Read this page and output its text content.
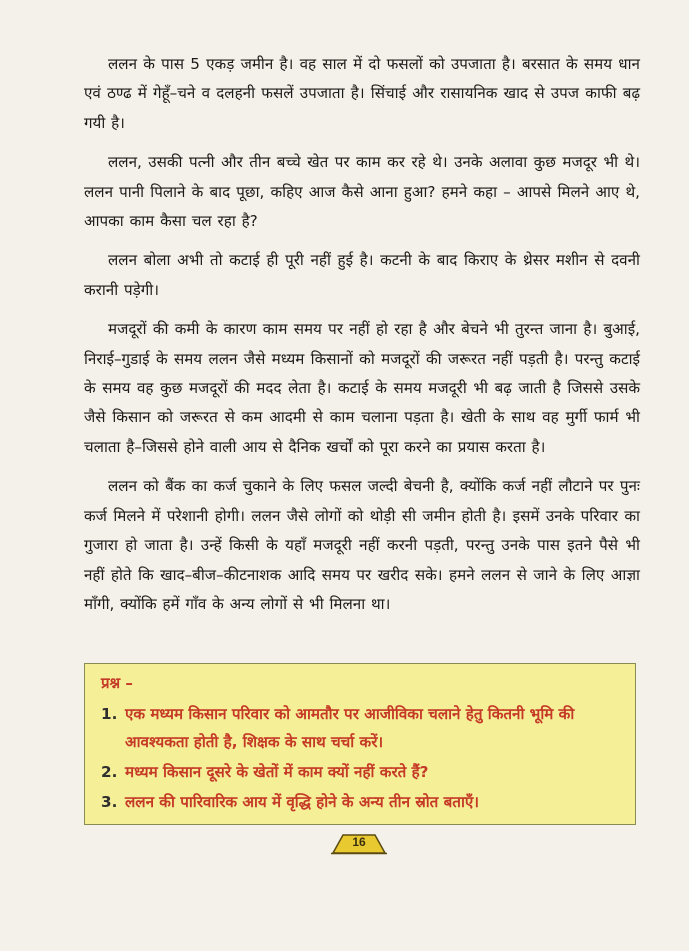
ललन के पास 5 एकड़ जमीन है। वह साल में दो फसलों को उपजाता है। बरसात के समय धान एवं ठण्ढ में गेहूँ–चने व दलहनी फसलें उपजाता है। सिंचाई और रासायनिक खाद से उपज काफी बढ़ गयी है।

ललन, उसकी पत्नी और तीन बच्चे खेत पर काम कर रहे थे। उनके अलावा कुछ मजदूर भी थे। ललन पानी पिलाने के बाद पूछा, कहिए आज कैसे आना हुआ? हमने कहा – आपसे मिलने आए थे, आपका काम कैसा चल रहा है?

ललन बोला अभी तो कटाई ही पूरी नहीं हुई है। कटनी के बाद किराए के थ्रेसर मशीन से दवनी करानी पड़ेगी।

मजदूरों की कमी के कारण काम समय पर नहीं हो रहा है और बेचने भी तुरन्त जाना है। बुआई, निराई–गुडाई के समय ललन जैसे मध्यम किसानों को मजदूरों की जरूरत नहीं पड़ती है। परन्तु कटाई के समय वह कुछ मजदूरों की मदद लेता है। कटाई के समय मजदूरी भी बढ़ जाती है जिससे उसके जैसे किसान को जरूरत से कम आदमी से काम चलाना पड़ता है। खेती के साथ वह मुर्गी फार्म भी चलाता है–जिससे होने वाली आय से दैनिक खर्चों को पूरा करने का प्रयास करता है।

ललन को बैंक का कर्ज चुकाने के लिए फसल जल्दी बेचनी है, क्योंकि कर्ज नहीं लौटाने पर पुनः कर्ज मिलने में परेशानी होगी। ललन जैसे लोगों को थोड़ी सी जमीन होती है। इसमें उनके परिवार का गुजारा हो जाता है। उन्हें किसी के यहाँ मजदूरी नहीं करनी पड़ती, परन्तु उनके पास इतने पैसे भी नहीं होते कि खाद–बीज–कीटनाशक आदि समय पर खरीद सके। हमने ललन से जाने के लिए आज्ञा माँगी, क्योंकि हमें गाँव के अन्य लोगों से भी मिलना था।

प्रश्न –
1. एक मध्यम किसान परिवार को आमतौर पर आजीविका चलाने हेतु कितनी भूमि की आवश्यकता होती है, शिक्षक के साथ चर्चा करें।
2. मध्यम किसान दूसरे के खेतों में काम क्यों नहीं करते हैं?
3. ललन की पारिवारिक आय में वृद्धि होने के अन्य तीन स्रोत बताएँ।
16
